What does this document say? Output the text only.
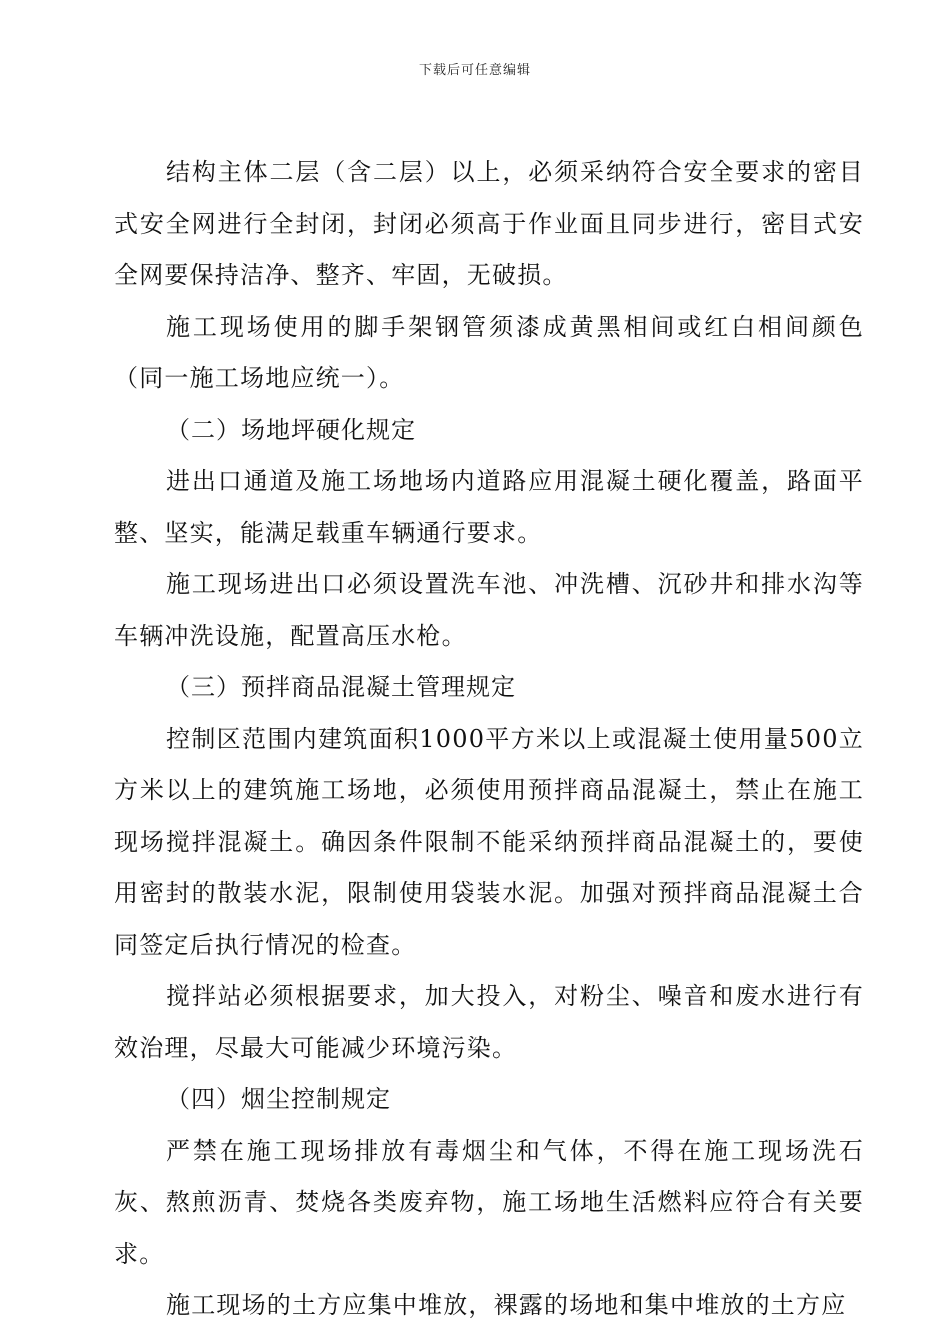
下载后可任意编辑

结构主体二层（含二层）以上，必须采纳符合安全要求的密目式安全网进行全封闭，封闭必须高于作业面且同步进行，密目式安全网要保持洁净、整齐、牢固，无破损。

施工现场使用的脚手架钢管须漆成黄黑相间或红白相间颜色（同一施工场地应统一）。

（二）场地坪硬化规定

进出口通道及施工场地场内道路应用混凝土硬化覆盖，路面平整、坚实，能满足载重车辆通行要求。

施工现场进出口必须设置洗车池、冲洗槽、沉砂井和排水沟等车辆冲洗设施，配置高压水枪。

（三）预拌商品混凝土管理规定

控制区范围内建筑面积1000平方米以上或混凝土使用量500立方米以上的建筑施工场地，必须使用预拌商品混凝土，禁止在施工现场搅拌混凝土。确因条件限制不能采纳预拌商品混凝土的，要使用密封的散装水泥，限制使用袋装水泥。加强对预拌商品混凝土合同签定后执行情况的检查。

搅拌站必须根据要求，加大投入，对粉尘、噪音和废水进行有效治理，尽最大可能减少环境污染。

（四）烟尘控制规定

严禁在施工现场排放有毒烟尘和气体，不得在施工现场洗石灰、熬煎沥青、焚烧各类废弃物，施工场地生活燃料应符合有关要求。

施工现场的土方应集中堆放，裸露的场地和集中堆放的土方应
